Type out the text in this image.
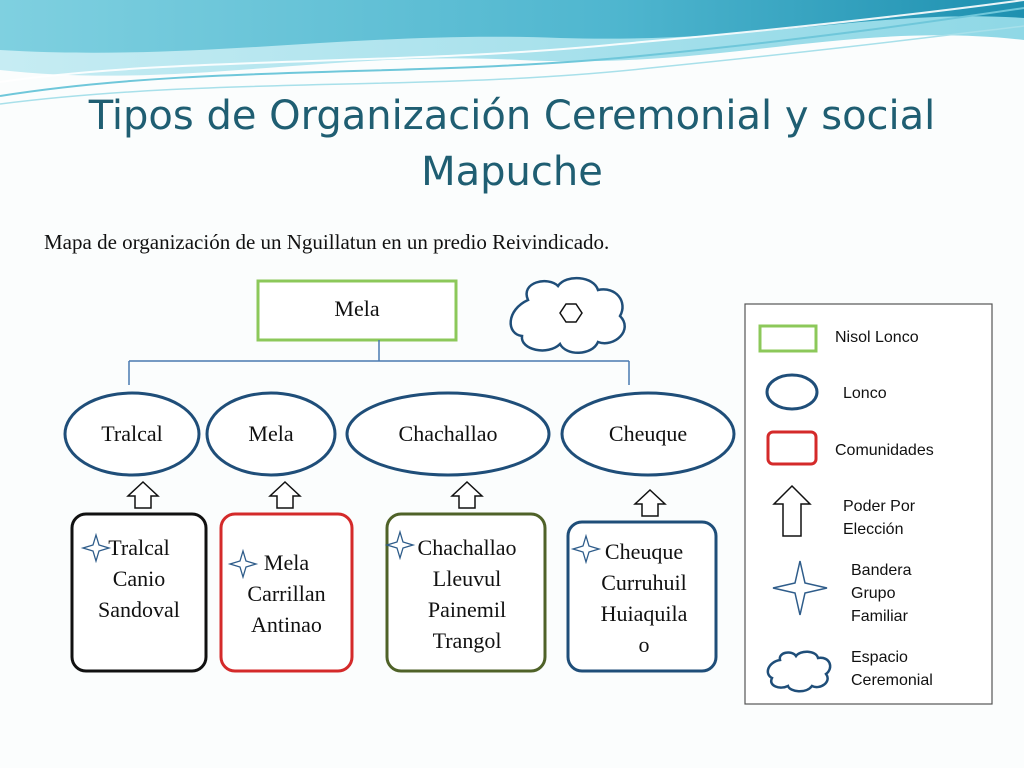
Tipos de Organización Ceremonial y social
Mapuche
Mapa de organización de un Nguillatun en un predio Reivindicado.
Mela
Tralcal	Mela	Chachallao	Cheuque
Tralcal
Canio
Sandoval
Mela
Carrillan
Antinao
Chachallao
Lleuvul
Painemil
Trangol
Cheuque
Curruhuil
Huiaquila
o
Nisol Lonco
Lonco
Comunidades
Poder Por
Elección
Bandera
Grupo
Familiar
Espacio
Ceremonial
